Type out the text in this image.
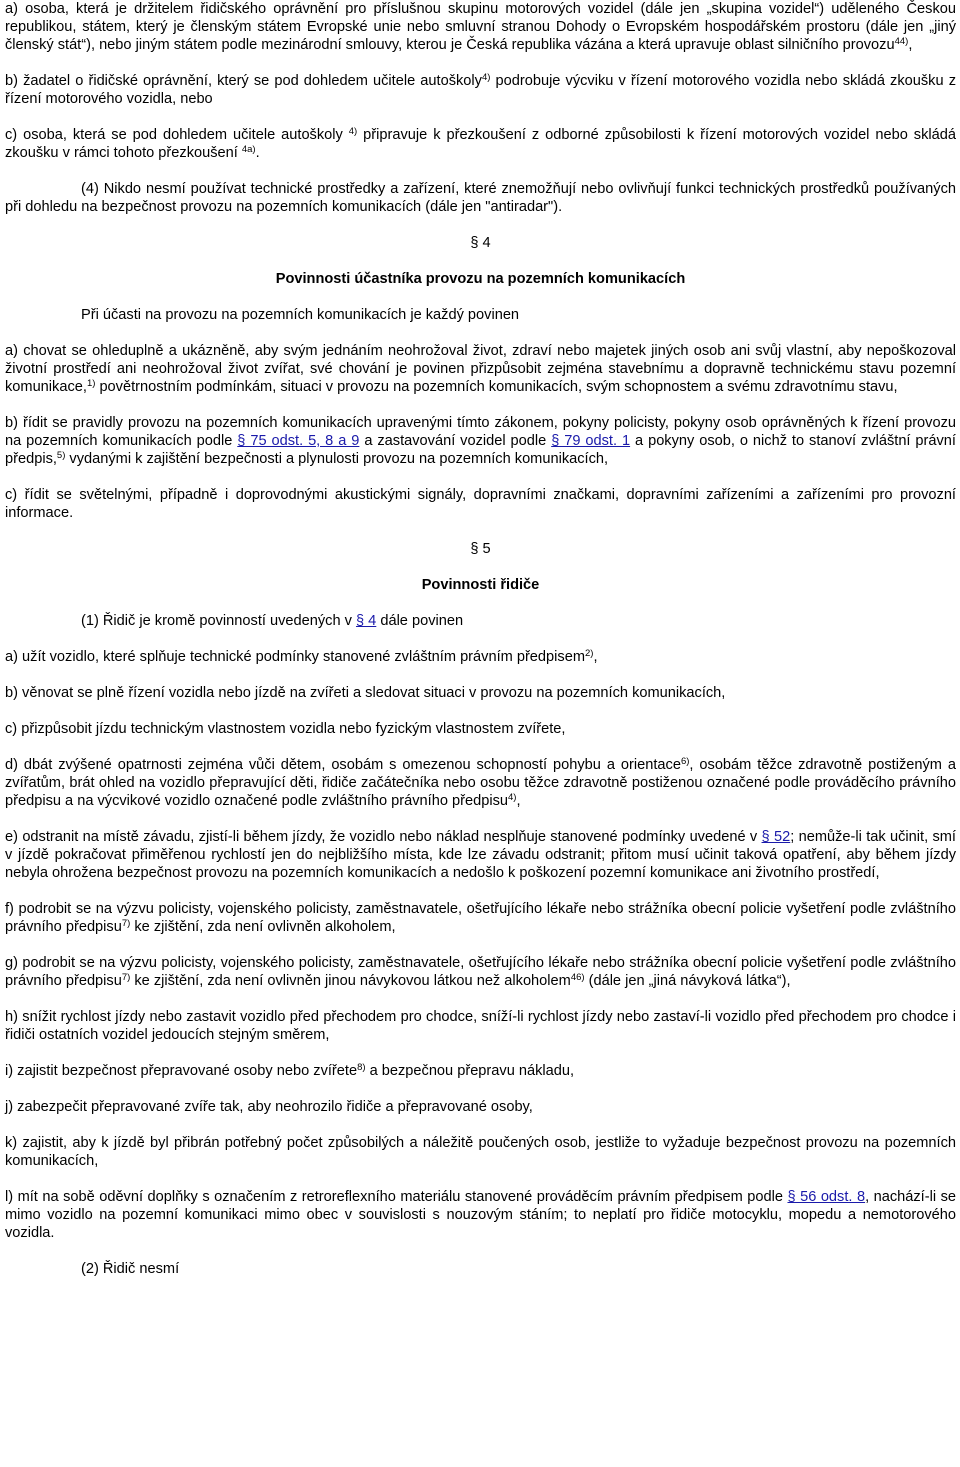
a) osoba, která je držitelem řidičského oprávnění pro příslušnou skupinu motorových vozidel (dále jen „skupina vozidel“) uděleného Českou republikou, státem, který je členským státem Evropské unie nebo smluvní stranou Dohody o Evropském hospodářském prostoru (dále jen „jiný členský stát“), nebo jiným státem podle mezinárodní smlouvy, kterou je Česká republika vázána a která upravuje oblast silničního provozu$^{44)}$,

b) žadatel o řidičské oprávnění, který se pod dohledem učitele autoškoly$^{4)}$ podrobuje výcviku v řízení motorového vozidla nebo skládá zkoušku z řízení motorového vozidla, nebo

c) osoba, která se pod dohledem učitele autoškoly $^{4)}$ připravuje k přezkoušení z odborné způsobilosti k řízení motorových vozidel nebo skládá zkoušku v rámci tohoto přezkoušení $^{4a)}$.

(4) Nikdo nesmí používat technické prostředky a zařízení, které znemožňují nebo ovlivňují funkci technických prostředků používaných při dohledu na bezpečnost provozu na pozemních komunikacích (dále jen "antiradar").

§ 4
Povinnosti účastníka provozu na pozemních komunikacích

Při účasti na provozu na pozemních komunikacích je každý povinen

a) chovat se ohleduplně a ukázněně, aby svým jednáním neohrožoval život, zdraví nebo majetek jiných osob ani svůj vlastní, aby nepoškozoval životní prostředí ani neohrožoval život zvířat, své chování je povinen přizpůsobit zejména stavebnímu a dopravně technickému stavu pozemní komunikace,$^{1)}$ povětrnostním podmínkám, situaci v provozu na pozemních komunikacích, svým schopnostem a svému zdravotnímu stavu,

b) řídit se pravidly provozu na pozemních komunikacích upravenými tímto zákonem, pokyny policisty, pokyny osob oprávněných k řízení provozu na pozemních komunikacích podle § 75 odst. 5, 8 a 9 a zastavování vozidel podle § 79 odst. 1 a pokyny osob, o nichž to stanoví zvláštní právní předpis,$^{5)}$ vydanými k zajištění bezpečnosti a plynulosti provozu na pozemních komunikacích,

c) řídit se světelnými, případně i doprovodnými akustickými signály, dopravními značkami, dopravními zařízeními a zařízeními pro provozní informace.

§ 5
Povinnosti řidiče

(1) Řidič je kromě povinností uvedených v § 4 dále povinen

a) užít vozidlo, které splňuje technické podmínky stanovené zvláštním právním předpisem$^{2)}$,

b) věnovat se plně řízení vozidla nebo jízdě na zvířeti a sledovat situaci v provozu na pozemních komunikacích,

c) přizpůsobit jízdu technickým vlastnostem vozidla nebo fyzickým vlastnostem zvířete,

d) dbát zvýšené opatrnosti zejména vůči dětem, osobám s omezenou schopností pohybu a orientace$^{6)}$, osobám těžce zdravotně postiženým a zvířatům, brát ohled na vozidlo přepravující děti, řidiče začátečníka nebo osobu těžce zdravotně postiženou označené podle prováděcího právního předpisu a na výcvikové vozidlo označené podle zvláštního právního předpisu$^{4)}$,

e) odstranit na místě závadu, zjistí-li během jízdy, že vozidlo nebo náklad nesplňuje stanovené podmínky uvedené v § 52; nemůže-li tak učinit, smí v jízdě pokračovat přiměřenou rychlostí jen do nejbližšího místa, kde lze závadu odstranit; přitom musí učinit taková opatření, aby během jízdy nebyla ohrožena bezpečnost provozu na pozemních komunikacích a nedošlo k poškození pozemní komunikace ani životního prostředí,

f) podrobit se na výzvu policisty, vojenského policisty, zaměstnavatele, ošetřujícího lékaře nebo strážníka obecní policie vyšetření podle zvláštního právního předpisu$^{7)}$ ke zjištění, zda není ovlivněn alkoholem,

g) podrobit se na výzvu policisty, vojenského policisty, zaměstnavatele, ošetřujícího lékaře nebo strážníka obecní policie vyšetření podle zvláštního právního předpisu$^{7)}$ ke zjištění, zda není ovlivněn jinou návykovou látkou než alkoholem$^{46)}$ (dále jen „jiná návyková látka“),

h) snížit rychlost jízdy nebo zastavit vozidlo před přechodem pro chodce, sníží-li rychlost jízdy nebo zastaví-li vozidlo před přechodem pro chodce i řidiči ostatních vozidel jedoucích stejným směrem,

i) zajistit bezpečnost přepravované osoby nebo zvířete$^{8)}$ a bezpečnou přepravu nákladu,

j) zabezpečit přepravované zvíře tak, aby neohrozilo řidiče a přepravované osoby,

k) zajistit, aby k jízdě byl přibrán potřebný počet způsobilých a náležitě poučených osob, jestliže to vyžaduje bezpečnost provozu na pozemních komunikacích,

l) mít na sobě oděvní doplňky s označením z retroreflexního materiálu stanovené prováděcím právním předpisem podle § 56 odst. 8, nachází-li se mimo vozidlo na pozemní komunikaci mimo obec v souvislosti s nouzovým stáním; to neplatí pro řidiče motocyklu, mopedu a nemotorového vozidla.

(2) Řidič nesmí
